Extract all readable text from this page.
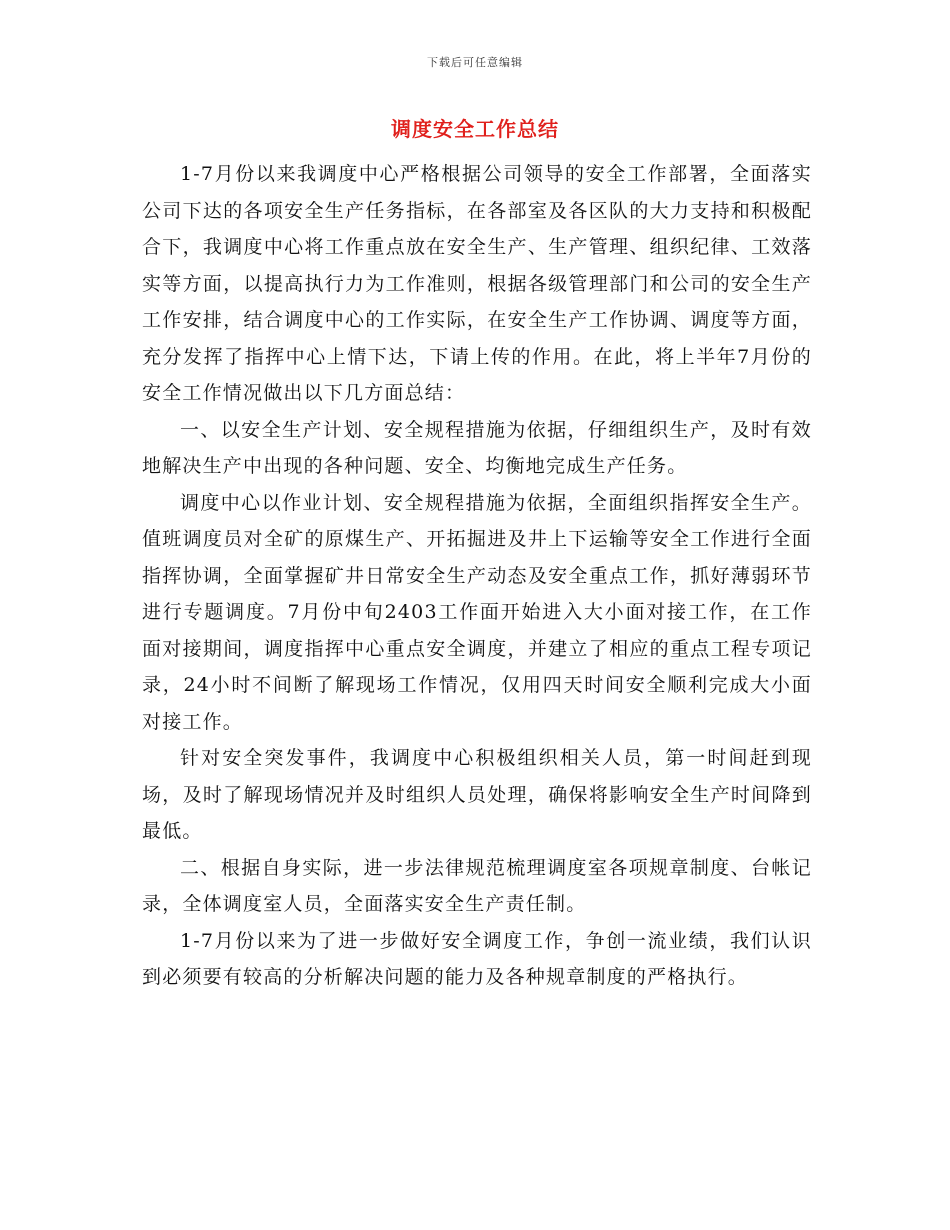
下载后可任意编辑
调度安全工作总结

1-7月份以来我调度中心严格根据公司领导的安全工作部署，全面落实公司下达的各项安全生产任务指标，在各部室及各区队的大力支持和积极配合下，我调度中心将工作重点放在安全生产、生产管理、组织纪律、工效落实等方面，以提高执行力为工作准则，根据各级管理部门和公司的安全生产工作安排，结合调度中心的工作实际，在安全生产工作协调、调度等方面，充分发挥了指挥中心上情下达，下请上传的作用。在此，将上半年7月份的安全工作情况做出以下几方面总结：

一、以安全生产计划、安全规程措施为依据，仔细组织生产，及时有效地解决生产中出现的各种问题、安全、均衡地完成生产任务。

调度中心以作业计划、安全规程措施为依据，全面组织指挥安全生产。值班调度员对全矿的原煤生产、开拓掘进及井上下运输等安全工作进行全面指挥协调，全面掌握矿井日常安全生产动态及安全重点工作，抓好薄弱环节进行专题调度。7月份中旬2403工作面开始进入大小面对接工作，在工作面对接期间，调度指挥中心重点安全调度，并建立了相应的重点工程专项记录，24小时不间断了解现场工作情况，仅用四天时间安全顺利完成大小面对接工作。

针对安全突发事件，我调度中心积极组织相关人员，第一时间赶到现场，及时了解现场情况并及时组织人员处理，确保将影响安全生产时间降到最低。

二、根据自身实际，进一步法律规范梳理调度室各项规章制度、台帐记录，全体调度室人员，全面落实安全生产责任制。

1-7月份以来为了进一步做好安全调度工作，争创一流业绩，我们认识到必须要有较高的分析解决问题的能力及各种规章制度的严格执行。
